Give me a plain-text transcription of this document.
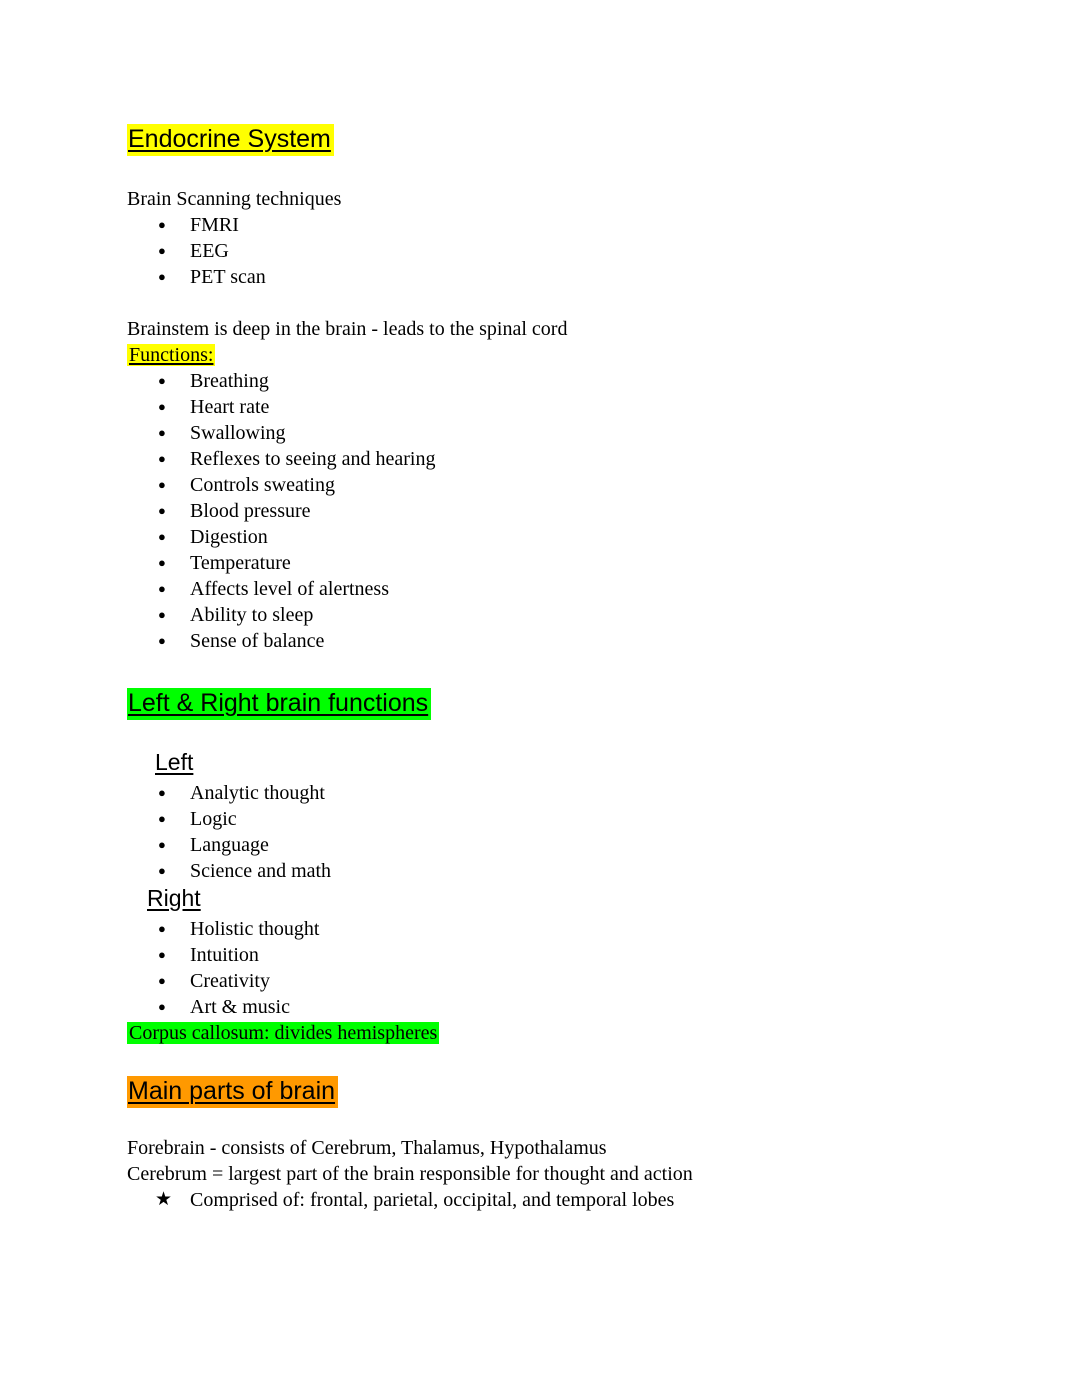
Endocrine System

Brain Scanning techniques

● FMRI
● EEG
● PET scan

Brainstem is deep in the brain - leads to the spinal cord

Functions:

● Breathing
● Heart rate
● Swallowing
● Reflexes to seeing and hearing
● Controls sweating
● Blood pressure
● Digestion
● Temperature
● Affects level of alertness
● Ability to sleep
● Sense of balance
Left & Right brain functions
Left
● Analytic thought
● Logic
● Language
● Science and math
Right
● Holistic thought
● Intuition
● Creativity
● Art & music

Corpus callosum: divides hemispheres

Main parts of brain

Forebrain - consists of Cerebrum, Thalamus, Hypothalamus

Cerebrum = largest part of the brain responsible for thought and action

★ Comprised of: frontal, parietal, occipital, and temporal lobes
